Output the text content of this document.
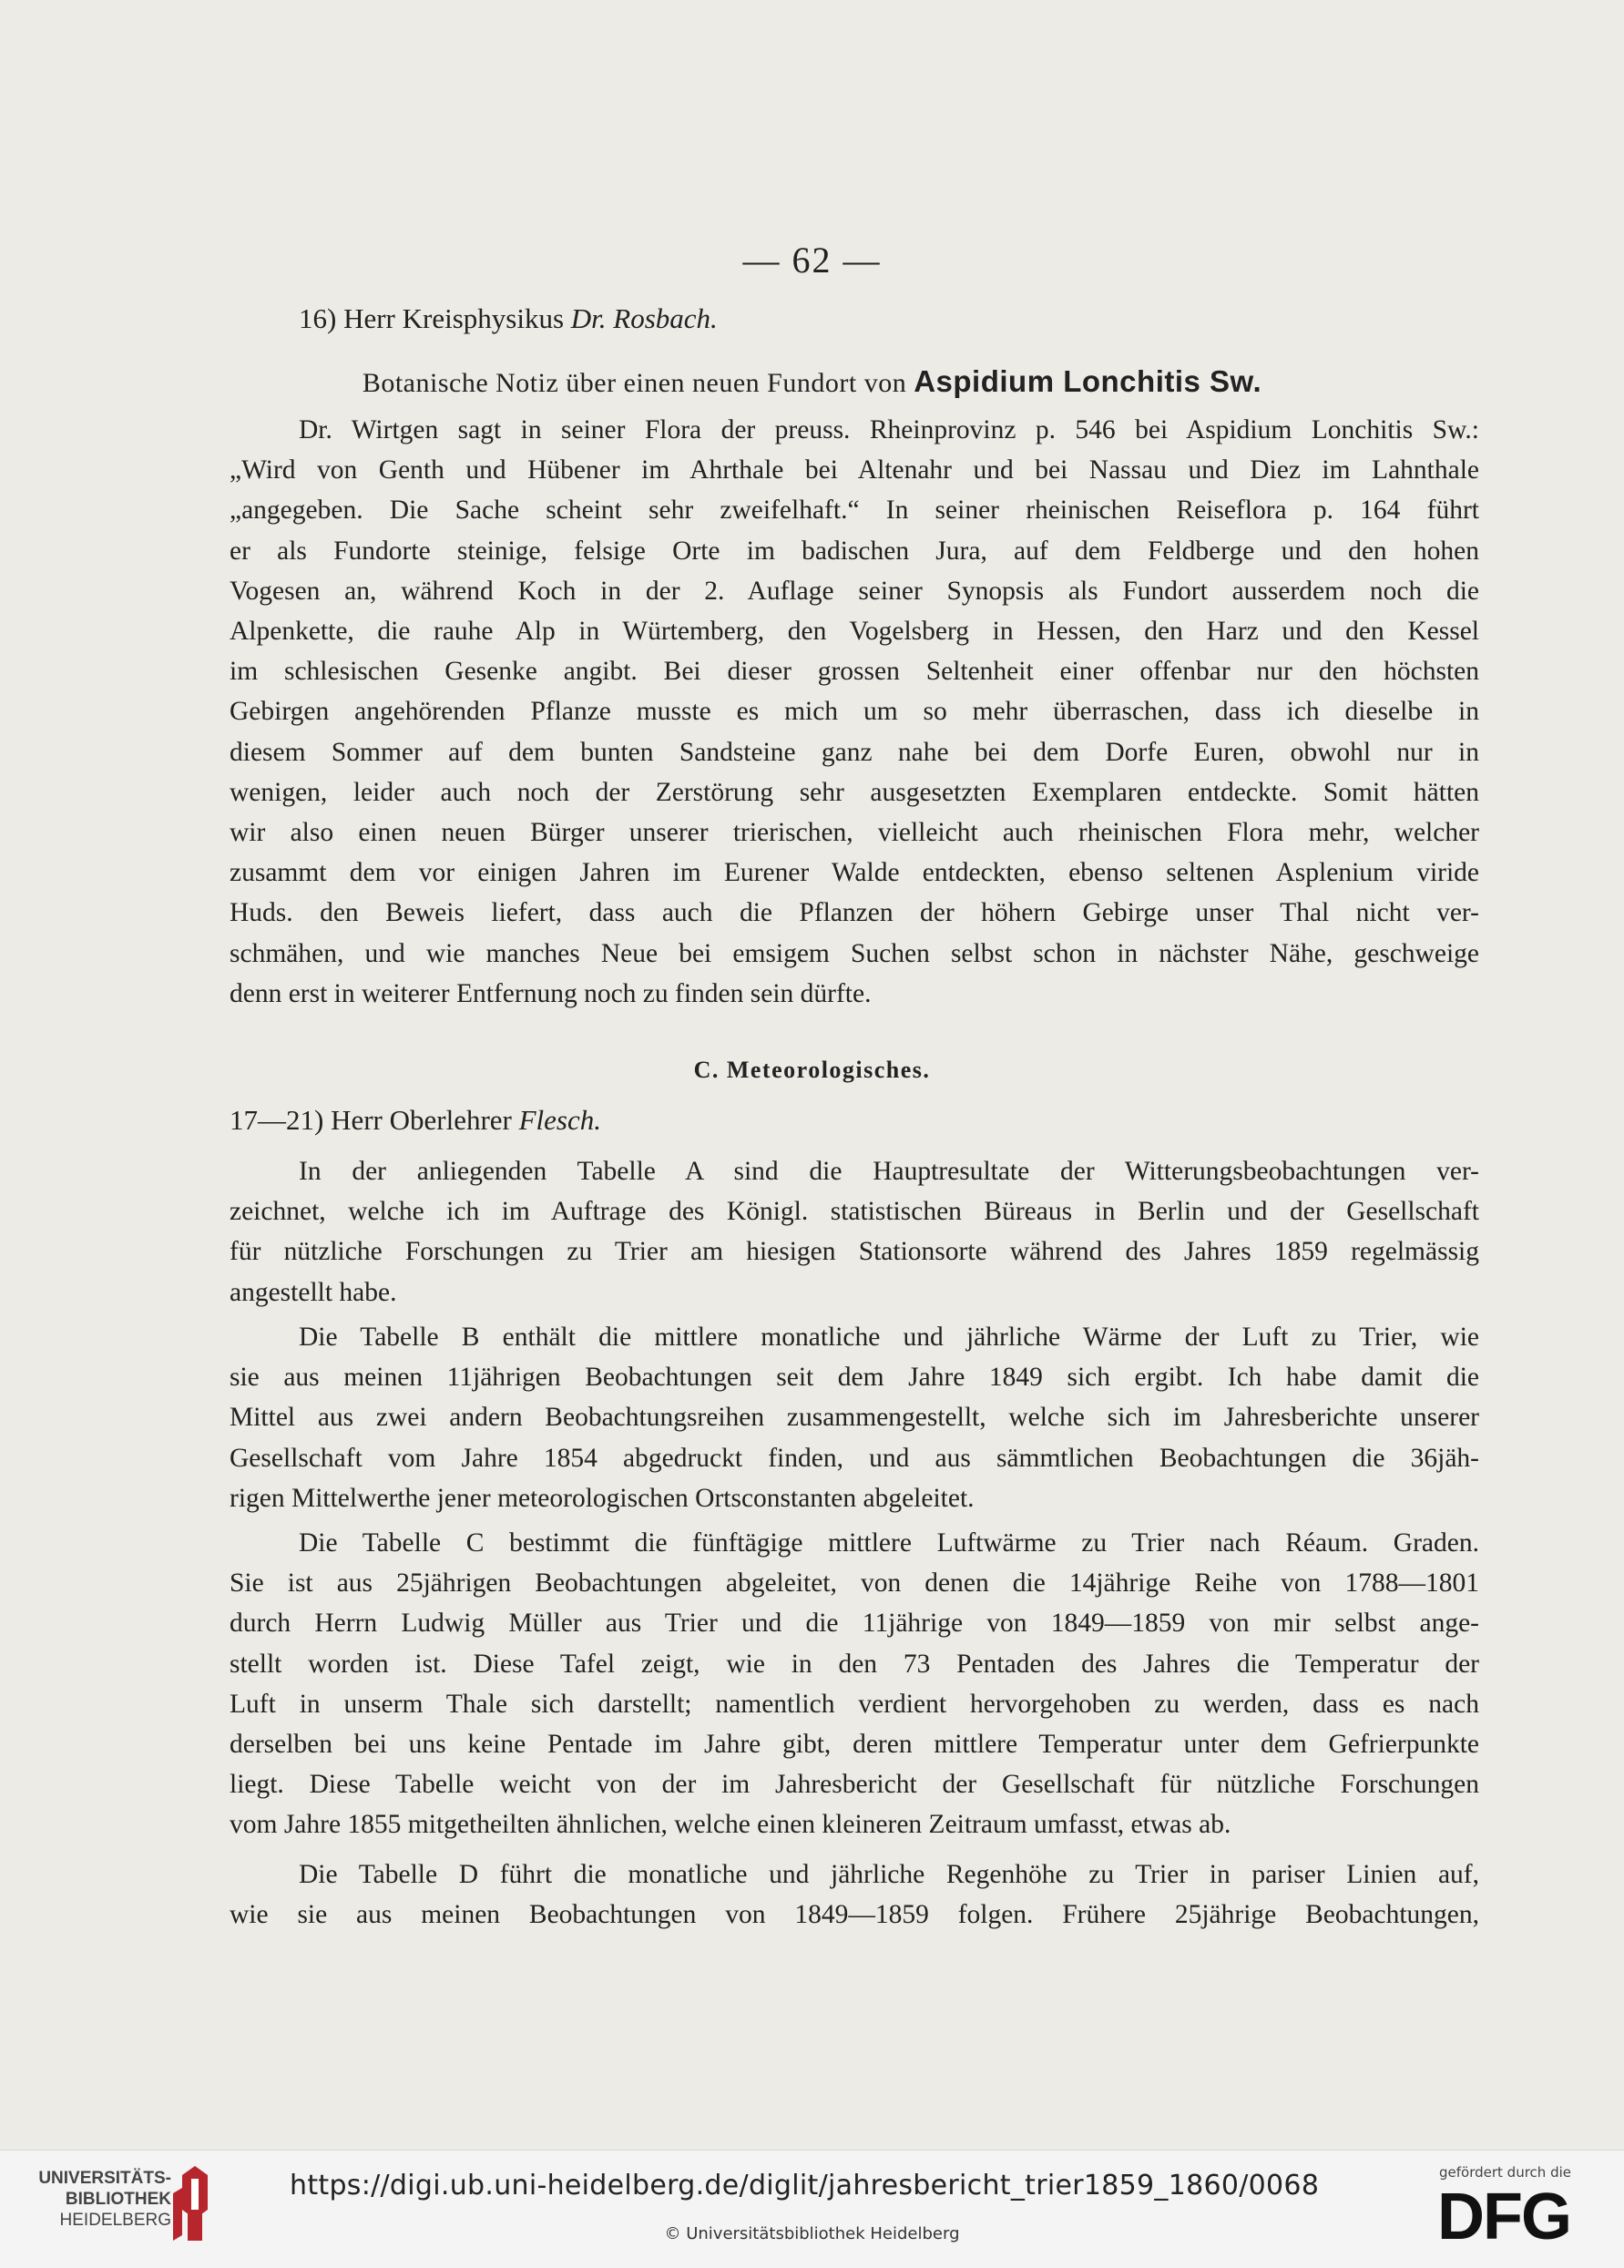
— 62 —
16) Herr Kreisphysikus Dr. Rosbach.
Botanische Notiz über einen neuen Fundort von Aspidium Lonchitis Sw.

Dr. Wirtgen sagt in seiner Flora der preuss. Rheinprovinz p. 546 bei Aspidium Lonchitis Sw.:

„Wird von Genth und Hübener im Ahrthale bei Altenahr und bei Nassau und Diez im Lahnthale

„angegeben. Die Sache scheint sehr zweifelhaft.“ In seiner rheinischen Reiseflora p. 164 führt

er als Fundorte steinige, felsige Orte im badischen Jura, auf dem Feldberge und den hohen

Vogesen an, während Koch in der 2. Auflage seiner Synopsis als Fundort ausserdem noch die

Alpenkette, die rauhe Alp in Würtemberg, den Vogelsberg in Hessen, den Harz und den Kessel

im schlesischen Gesenke angibt. Bei dieser grossen Seltenheit einer offenbar nur den höchsten

Gebirgen angehörenden Pflanze musste es mich um so mehr überraschen, dass ich dieselbe in

diesem Sommer auf dem bunten Sandsteine ganz nahe bei dem Dorfe Euren, obwohl nur in

wenigen, leider auch noch der Zerstörung sehr ausgesetzten Exemplaren entdeckte. Somit hätten

wir also einen neuen Bürger unserer trierischen, vielleicht auch rheinischen Flora mehr, welcher

zusammt dem vor einigen Jahren im Eurener Walde entdeckten, ebenso seltenen Asplenium viride

Huds. den Beweis liefert, dass auch die Pflanzen der höhern Gebirge unser Thal nicht ver-

schmähen, und wie manches Neue bei emsigem Suchen selbst schon in nächster Nähe, geschweige

denn erst in weiterer Entfernung noch zu finden sein dürfte.

C. Meteorologisches.
17—21) Herr Oberlehrer Flesch.

In der anliegenden Tabelle A sind die Hauptresultate der Witterungsbeobachtungen ver-

zeichnet, welche ich im Auftrage des Königl. statistischen Büreaus in Berlin und der Gesellschaft

für nützliche Forschungen zu Trier am hiesigen Stationsorte während des Jahres 1859 regelmässig

angestellt habe.

Die Tabelle B enthält die mittlere monatliche und jährliche Wärme der Luft zu Trier, wie

sie aus meinen 11jährigen Beobachtungen seit dem Jahre 1849 sich ergibt. Ich habe damit die

Mittel aus zwei andern Beobachtungsreihen zusammengestellt, welche sich im Jahresberichte unserer

Gesellschaft vom Jahre 1854 abgedruckt finden, und aus sämmtlichen Beobachtungen die 36jäh-

rigen Mittelwerthe jener meteorologischen Ortsconstanten abgeleitet.

Die Tabelle C bestimmt die fünftägige mittlere Luftwärme zu Trier nach Réaum. Graden.

Sie ist aus 25jährigen Beobachtungen abgeleitet, von denen die 14jährige Reihe von 1788—1801

durch Herrn Ludwig Müller aus Trier und die 11jährige von 1849—1859 von mir selbst ange-

stellt worden ist. Diese Tafel zeigt, wie in den 73 Pentaden des Jahres die Temperatur der

Luft in unserm Thale sich darstellt; namentlich verdient hervorgehoben zu werden, dass es nach

derselben bei uns keine Pentade im Jahre gibt, deren mittlere Temperatur unter dem Gefrierpunkte

liegt. Diese Tabelle weicht von der im Jahresbericht der Gesellschaft für nützliche Forschungen

vom Jahre 1855 mitgetheilten ähnlichen, welche einen kleineren Zeitraum umfasst, etwas ab.

Die Tabelle D führt die monatliche und jährliche Regenhöhe zu Trier in pariser Linien auf,

wie sie aus meinen Beobachtungen von 1849—1859 folgen. Frühere 25jährige Beobachtungen,

UNIVERSITÄTS-
BIBLIOTHEK
HEIDELBERG
https://digi.ub.uni-heidelberg.de/diglit/jahresbericht_trier1859_1860/0068
© Universitätsbibliothek Heidelberg
gefördert durch die
DFG
